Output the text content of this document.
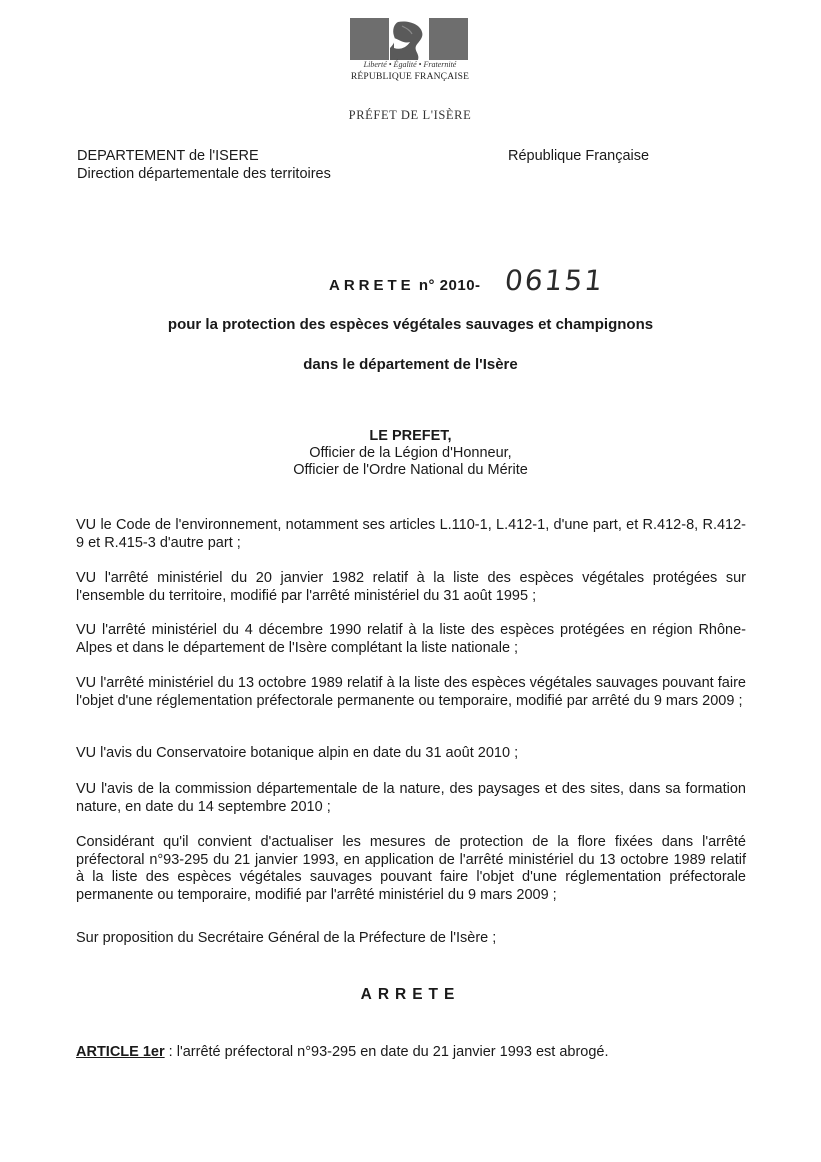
Liberté • Égalité • Fraternité
RÉPUBLIQUE FRANÇAISE
PRÉFET DE L'ISÈRE
DEPARTEMENT de l'ISERE
Direction départementale des territoires
République Française
ARRETE n° 2010- 06151
pour la protection des espèces végétales sauvages et champignons
dans le département de l'Isère
LE PREFET,
Officier de la Légion d'Honneur,
Officier de l'Ordre National du Mérite

VU le Code de l'environnement, notamment ses articles L.110-1, L.412-1, d'une part, et R.412-8, R.412-9 et R.415-3 d'autre part ;

VU l'arrêté ministériel du 20 janvier 1982 relatif à la liste des espèces végétales protégées sur l'ensemble du territoire, modifié par l'arrêté ministériel du 31 août 1995 ;

VU l'arrêté ministériel du 4 décembre 1990 relatif à la liste des espèces protégées en région Rhône-Alpes et dans le département de l'Isère complétant la liste nationale ;

VU l'arrêté ministériel du 13 octobre 1989 relatif à la liste des espèces végétales sauvages pouvant faire l'objet d'une réglementation préfectorale permanente ou temporaire, modifié par arrêté du 9 mars 2009 ;

VU l'avis du Conservatoire botanique alpin en date du 31 août 2010 ;

VU l'avis de la commission départementale de la nature, des paysages et des sites, dans sa formation nature, en date du 14 septembre 2010 ;

Considérant qu'il convient d'actualiser les mesures de protection de la flore fixées dans l'arrêté préfectoral n°93-295 du 21 janvier 1993, en application de l'arrêté ministériel du 13 octobre 1989 relatif à la liste des espèces végétales sauvages pouvant faire l'objet d'une réglementation préfectorale permanente ou temporaire, modifié par l'arrêté ministériel du 9 mars 2009 ;

Sur proposition du Secrétaire Général de la Préfecture de l'Isère ;

ARRETE
ARTICLE 1er : l'arrêté préfectoral n°93-295 en date du 21 janvier 1993 est abrogé.
